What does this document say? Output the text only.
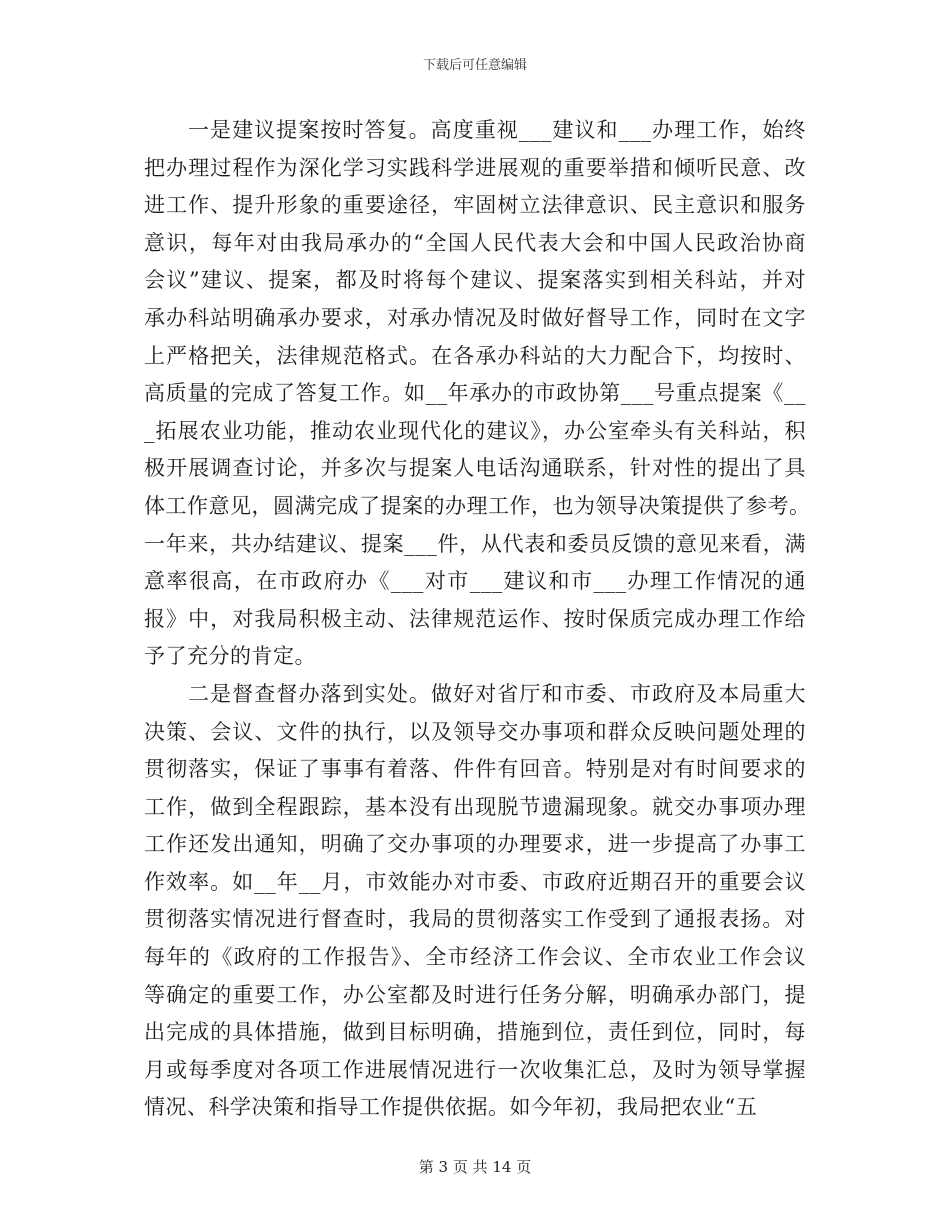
下载后可任意编辑
一是建议提案按时答复。高度重视___建议和___办理工作，始终
把办理过程作为深化学习实践科学进展观的重要举措和倾听民意、改
进工作、提升形象的重要途径，牢固树立法律意识、民主意识和服务
意识，每年对由我局承办的“全国人民代表大会和中国人民政治协商
会议”建议、提案，都及时将每个建议、提案落实到相关科站，并对
承办科站明确承办要求，对承办情况及时做好督导工作，同时在文字
上严格把关，法律规范格式。在各承办科站的大力配合下，均按时、
高质量的完成了答复工作。如__年承办的市政协第___号重点提案《__
_拓展农业功能，推动农业现代化的建议》，办公室牵头有关科站，积
极开展调查讨论，并多次与提案人电话沟通联系，针对性的提出了具
体工作意见，圆满完成了提案的办理工作，也为领导决策提供了参考。
一年来，共办结建议、提案___件，从代表和委员反馈的意见来看，满
意率很高，在市政府办《___对市___建议和市___办理工作情况的通
报》中，对我局积极主动、法律规范运作、按时保质完成办理工作给
予了充分的肯定。
二是督查督办落到实处。做好对省厅和市委、市政府及本局重大
决策、会议、文件的执行，以及领导交办事项和群众反映问题处理的
贯彻落实，保证了事事有着落、件件有回音。特别是对有时间要求的
工作，做到全程跟踪，基本没有出现脱节遗漏现象。就交办事项办理
工作还发出通知，明确了交办事项的办理要求，进一步提高了办事工
作效率。如__年__月，市效能办对市委、市政府近期召开的重要会议
贯彻落实情况进行督查时，我局的贯彻落实工作受到了通报表扬。对
每年的《政府的工作报告》、全市经济工作会议、全市农业工作会议
等确定的重要工作，办公室都及时进行任务分解，明确承办部门，提
出完成的具体措施，做到目标明确，措施到位，责任到位，同时，每
月或每季度对各项工作进展情况进行一次收集汇总，及时为领导掌握
情况、科学决策和指导工作提供依据。如今年初，我局把农业“五
第 3 页 共 14 页
